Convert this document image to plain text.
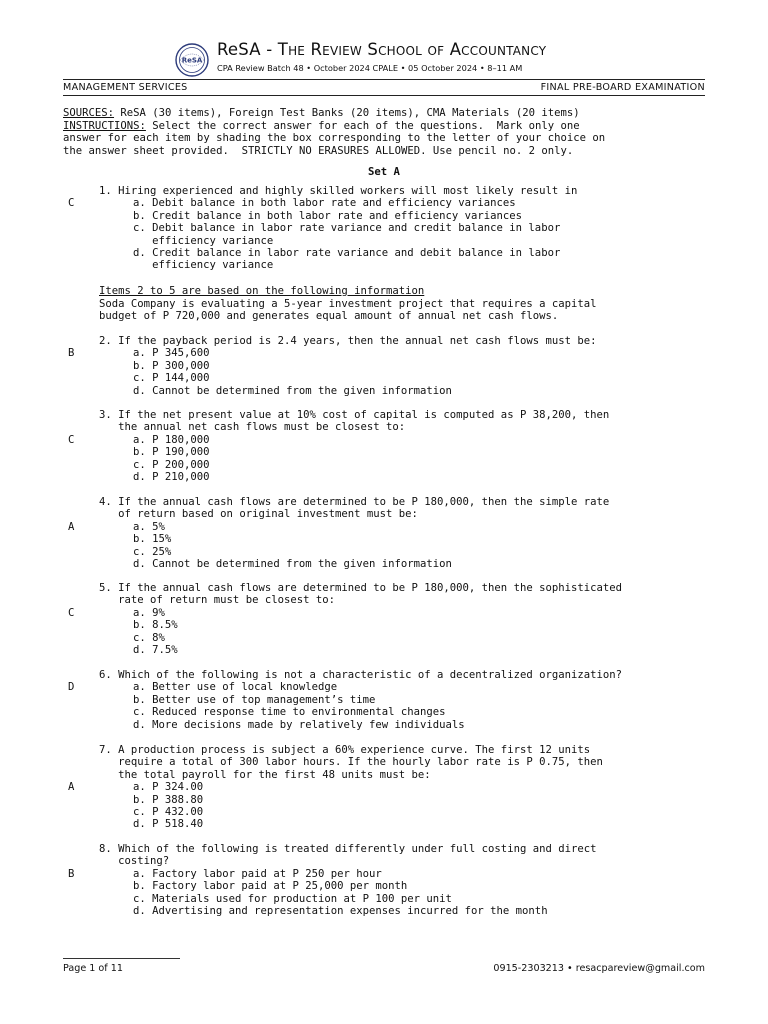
ReSA
ReSA - The Review School of Accountancy
CPA Review Batch 48 • October 2024 CPALE • 05 October 2024 • 8–11 AM
MANAGEMENT SERVICES	FINAL PRE-BOARD EXAMINATION
SOURCES: ReSA (30 items), Foreign Test Banks (20 items), CMA Materials (20 items)
INSTRUCTIONS: Select the correct answer for each of the questions.  Mark only one
answer for each item by shading the box corresponding to the letter of your choice on
the answer sheet provided.  STRICTLY NO ERASURES ALLOWED. Use pencil no. 2 only.
Set A
Items 2 to 5 are based on the following information
Soda Company is evaluating a 5-year investment project that requires a capital
budget of P 720,000 and generates equal amount of annual net cash flows.
1. Hiring experienced and highly skilled workers will most likely result in
C	a. Debit balance in both labor rate and efficiency variances
b. Credit balance in both labor rate and efficiency variances
c. Debit balance in labor rate variance and credit balance in labor
efficiency variance
d. Credit balance in labor rate variance and debit balance in labor
efficiency variance
2. If the payback period is 2.4 years, then the annual net cash flows must be:
B	a. P 345,600
b. P 300,000
c. P 144,000
d. Cannot be determined from the given information
3. If the net present value at 10% cost of capital is computed as P 38,200, then
the annual net cash flows must be closest to:
C	a. P 180,000
b. P 190,000
c. P 200,000
d. P 210,000
4. If the annual cash flows are determined to be P 180,000, then the simple rate
of return based on original investment must be:
A	a. 5%
b. 15%
c. 25%
d. Cannot be determined from the given information
5. If the annual cash flows are determined to be P 180,000, then the sophisticated
rate of return must be closest to:
C	a. 9%
b. 8.5%
c. 8%
d. 7.5%
6. Which of the following is not a characteristic of a decentralized organization?
D	a. Better use of local knowledge
b. Better use of top management’s time
c. Reduced response time to environmental changes
d. More decisions made by relatively few individuals
7. A production process is subject a 60% experience curve. The first 12 units
require a total of 300 labor hours. If the hourly labor rate is P 0.75, then
the total payroll for the first 48 units must be:
A	a. P 324.00
b. P 388.80
c. P 432.00
d. P 518.40
8. Which of the following is treated differently under full costing and direct
costing?
B	a. Factory labor paid at P 250 per hour
b. Factory labor paid at P 25,000 per month
c. Materials used for production at P 100 per unit
d. Advertising and representation expenses incurred for the month
Page 1 of 11	0915-2303213 • resacpareview@gmail.com
